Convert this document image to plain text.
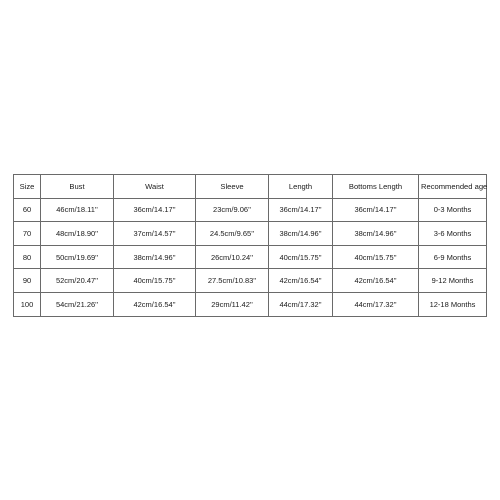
Size	Bust	Waist	Sleeve	Length	Bottoms Length	Recommended age
60	46cm/18.11''	36cm/14.17''	23cm/9.06''	36cm/14.17''	36cm/14.17''	0-3 Months
70	48cm/18.90''	37cm/14.57''	24.5cm/9.65''	38cm/14.96''	38cm/14.96''	3-6 Months
80	50cm/19.69''	38cm/14.96''	26cm/10.24''	40cm/15.75''	40cm/15.75''	6-9 Months
90	52cm/20.47''	40cm/15.75''	27.5cm/10.83''	42cm/16.54''	42cm/16.54''	9-12 Months
100	54cm/21.26''	42cm/16.54''	29cm/11.42''	44cm/17.32''	44cm/17.32''	12-18 Months
